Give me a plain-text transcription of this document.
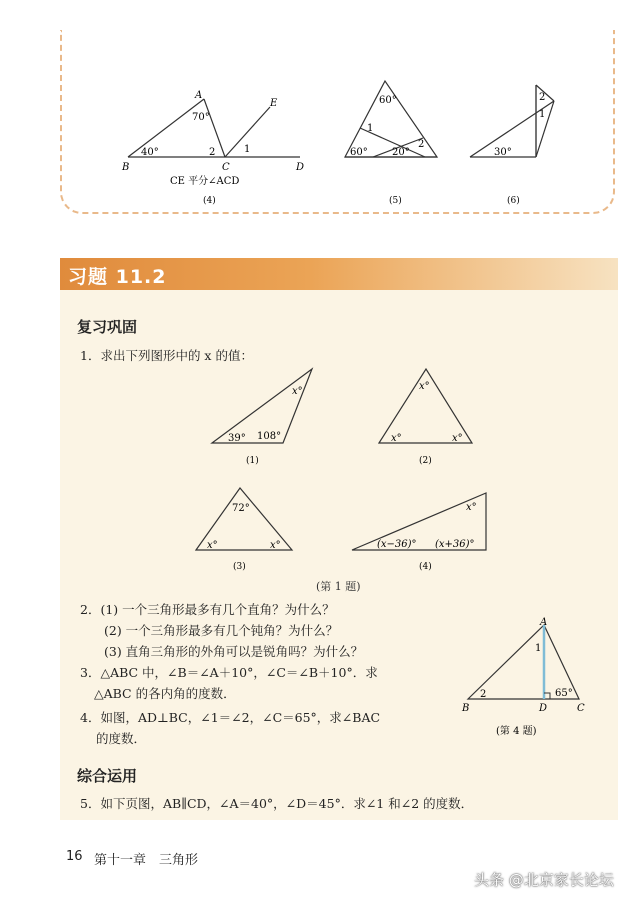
A
B	C	D
E
70°
40°	2	1
CE 平分∠ACD
(4)
60°
60° 20°
1
2
(5)
2
1
30°
(6)
习题 11.2
复习巩固
1．求出下列图形中的 x 的值：
x°
39° 108°
(1)
x°
x°	x°
(2)
72°
x°	x°
(3)
x°
(x−36)° (x+36)°
(4)
(第 1 题)
2．(1) 一个三角形最多有几个直角？为什么？
(2) 一个三角形最多有几个钝角？为什么？
(3) 直角三角形的外角可以是锐角吗？为什么？
3．△ABC 中，∠B＝∠A＋10°，∠C＝∠B＋10°．求
△ABC 的各内角的度数．
4．如图，AD⊥BC，∠1＝∠2，∠C＝65°，求∠BAC
的度数．
A
B	D	C
1
2	65°
(第 4 题)
综合运用
5．如下页图，AB∥CD，∠A＝40°，∠D＝45°．求∠1 和∠2 的度数．
16 第十一章　三角形
头条 @北京家长论坛
